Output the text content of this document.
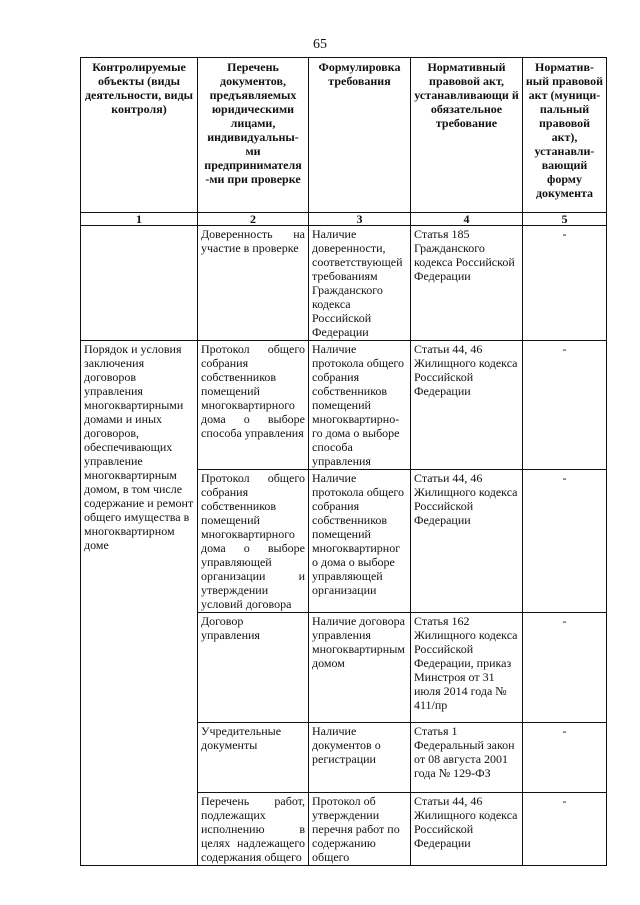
65
Контролируемые объекты (виды деятельности, виды контроля)	Перечень документов, предъявляемых юридическими лицами, индивидуальны-ми предпринимателя -ми при проверке	Формулировка требования	Нормативный правовой акт, устанавливающи й обязательное требование	Норматив-ный правовой акт (муници-пальный правовой акт), устанавли-вающий форму документа
1	2	3	4	5
	Доверенность на участие в проверке	Наличие доверенности, соответствующей требованиям Гражданского кодекса Российской Федерации	Статья 185 Гражданского кодекса Российской Федерации	-
Порядок и условия заключения договоров управления многоквартирными домами и иных договоров, обеспечивающих управление многоквартирным домом, в том числе содержание и ремонт общего имущества в многоквартирном доме	Протокол общего собрания собственников помещений многоквартирного дома о выборе способа управления	Наличие протокола общего собрания собственников помещений многоквартирно-го дома о выборе способа управления	Статьи 44, 46 Жилищного кодекса Российской Федерации	-
	Протокол общего собрания собственников помещений многоквартирного дома о выборе управляющей организации и утверждении условий договора	Наличие протокола общего собрания собственников помещений многоквартирног о дома о выборе управляющей организации	Статьи 44, 46 Жилищного кодекса Российской Федерации	-
	Договор управления	Наличие договора управления многоквартирным домом	Статья 162 Жилищного кодекса Российской Федерации, приказ Минстроя от 31 июля 2014 года № 411/пр	-
	Учредительные документы	Наличие документов о регистрации	Статья 1 Федеральный закон от 08 августа 2001 года № 129-ФЗ	-
	Перечень работ, подлежащих исполнению в целях надлежащего содержания общего	Протокол об утверждении перечня работ по содержанию общего	Статьи 44, 46 Жилищного кодекса Российской Федерации	-
